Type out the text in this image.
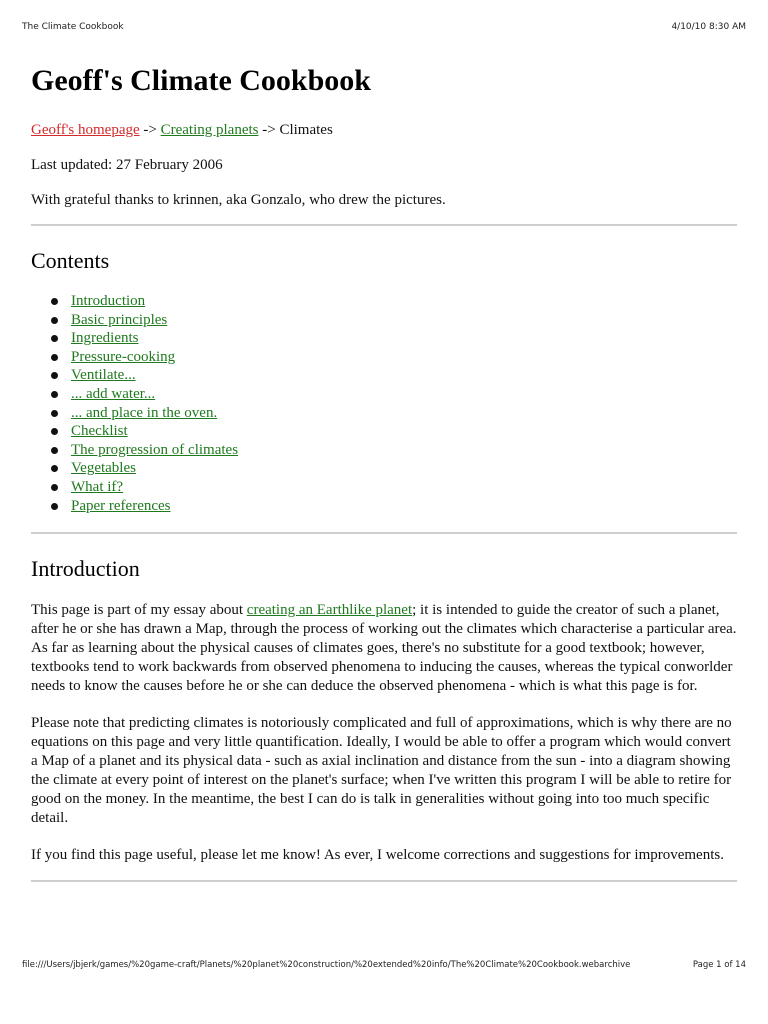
The Climate Cookbook	4/10/10 8:30 AM
Geoff's Climate Cookbook
Geoff's homepage -> Creating planets -> Climates
Last updated: 27 February 2006
With grateful thanks to krinnen, aka Gonzalo, who drew the pictures.
Contents
Introduction
Basic principles
Ingredients
Pressure-cooking
Ventilate...
... add water...
... and place in the oven.
Checklist
The progression of climates
Vegetables
What if?
Paper references
Introduction

This page is part of my essay about creating an Earthlike planet; it is intended to guide the creator of such a planet, after he or she has drawn a Map, through the process of working out the climates which characterise a particular area. As far as learning about the physical causes of climates goes, there's no substitute for a good textbook; however, textbooks tend to work backwards from observed phenomena to inducing the causes, whereas the typical conworlder needs to know the causes before he or she can deduce the observed phenomena - which is what this page is for.

Please note that predicting climates is notoriously complicated and full of approximations, which is why there are no equations on this page and very little quantification. Ideally, I would be able to offer a program which would convert a Map of a planet and its physical data - such as axial inclination and distance from the sun - into a diagram showing the climate at every point of interest on the planet's surface; when I've written this program I will be able to retire for good on the money. In the meantime, the best I can do is talk in generalities without going into too much specific detail.

If you find this page useful, please let me know! As ever, I welcome corrections and suggestions for improvements.

file:///Users/jbjerk/games/%20game-craft/Planets/%20planet%20construction/%20extended%20info/The%20Climate%20Cookbook.webarchive	Page 1 of 14
